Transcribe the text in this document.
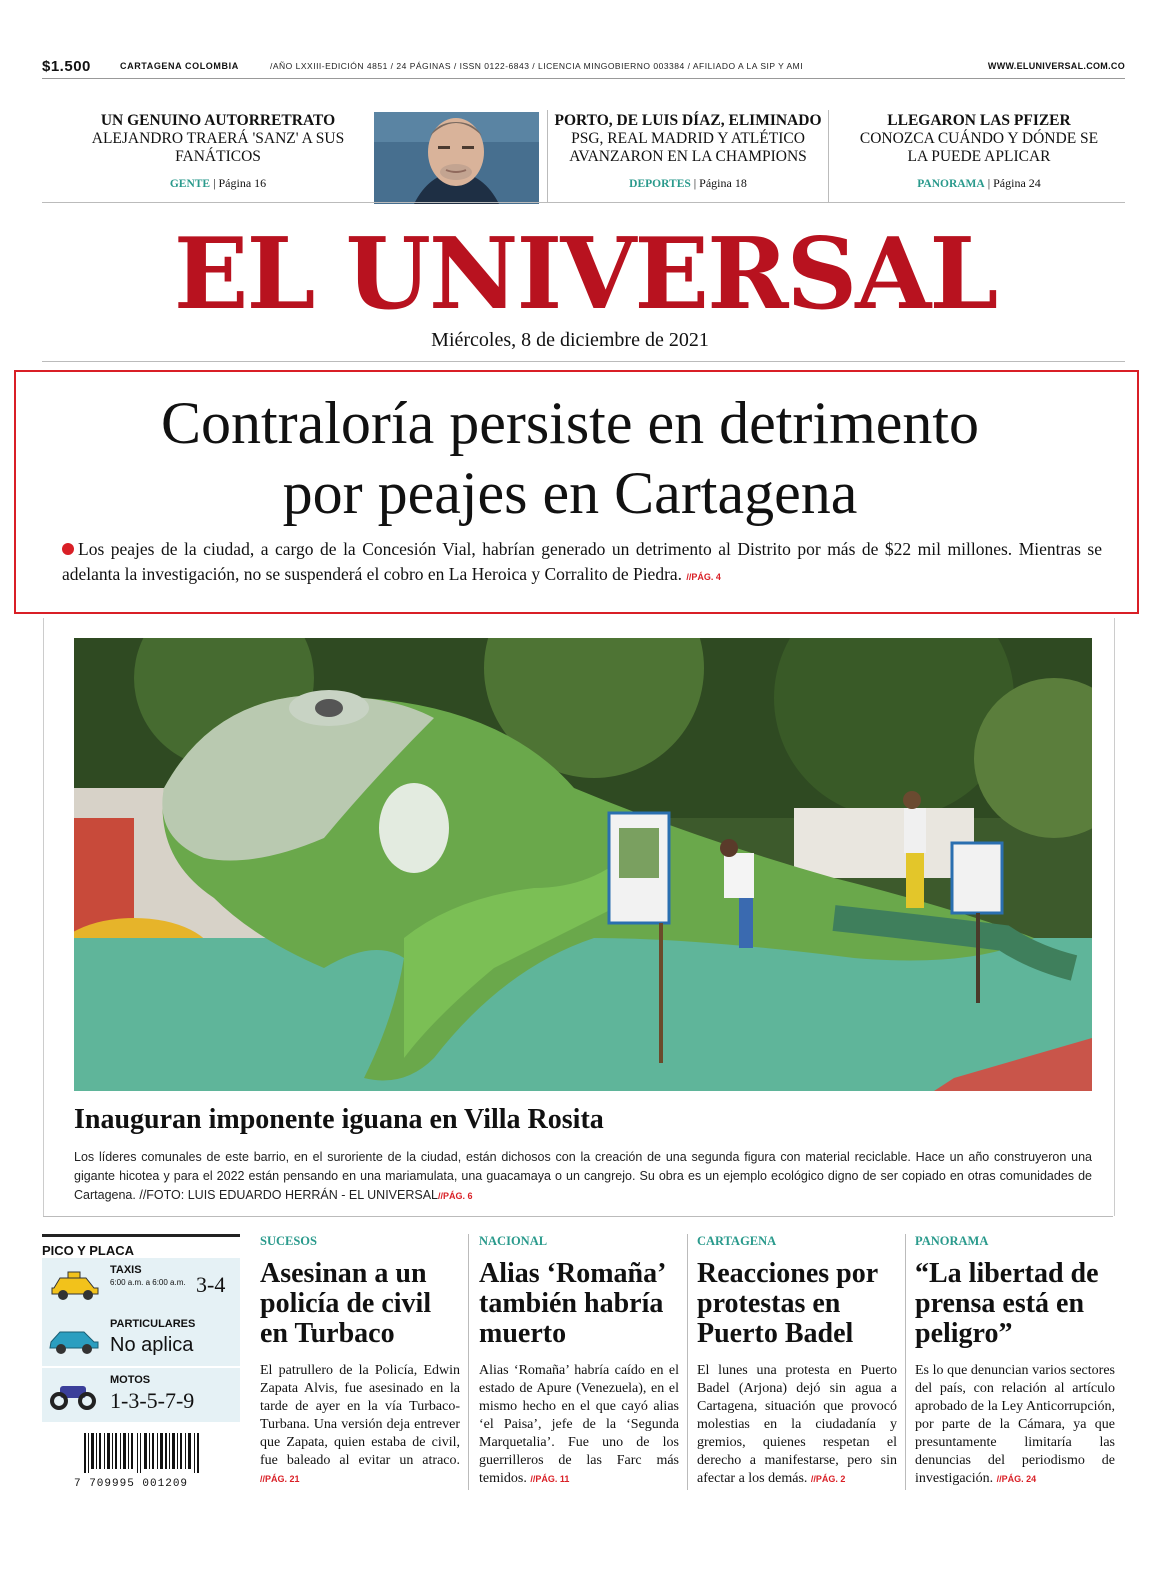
$1.500	CARTAGENA COLOMBIA	/AÑO LXXIII-EDICIÓN 4851 / 24 PÁGINAS / ISSN 0122-6843 / LICENCIA MINGOBIERNO 003384 / AFILIADO A LA SIP Y AMI	WWW.ELUNIVERSAL.COM.CO
UN GENUINO AUTORRETRATO
ALEJANDRO TRAERÁ 'SANZ' A SUS
FANÁTICOS
GENTE | Página 16
PORTO, DE LUIS DÍAZ, ELIMINADO
PSG, REAL MADRID Y ATLÉTICO
AVANZARON EN LA CHAMPIONS
DEPORTES | Página 18
LLEGARON LAS PFIZER
CONOZCA CUÁNDO Y DÓNDE SE
LA PUEDE APLICAR
PANORAMA | Página 24
EL UNIVERSAL
Miércoles, 8 de diciembre de 2021
Contraloría persiste en detrimento
por peajes en Cartagena
Los peajes de la ciudad, a cargo de la Concesión Vial, habrían generado un detrimento al Distrito por más de $22 mil millones. Mientras se adelanta la investigación, no se suspenderá el cobro en La Heroica y Corralito de Piedra. //PÁG. 4
Inauguran imponente iguana en Villa Rosita
Los líderes comunales de este barrio, en el suroriente de la ciudad, están dichosos con la creación de una segunda figura con material reciclable. Hace un año construyeron una gigante hicotea y para el 2022 están pensando en una mariamulata, una guacamaya o un cangrejo. Su obra es un ejemplo ecológico digno de ser copiado en otras comunidades de Cartagena. //FOTO: LUIS EDUARDO HERRÁN - EL UNIVERSAL//PÁG. 6
PICO Y PLACA
TAXIS
6:00 a.m. a 6:00 a.m. 3-4
PARTICULARES
No aplica
MOTOS
1-3-5-7-9
7 709995 001209
SUCESOS
Asesinan a un policía de civil en Turbaco
El patrullero de la Policía, Edwin Zapata Alvis, fue asesinado en la tarde de ayer en la vía Turbaco-Turbana. Una versión deja entrever que Zapata, quien estaba de civil, fue baleado al evitar un atraco. //PÁG. 21
NACIONAL
Alias ‘Romaña’ también habría muerto
Alias ‘Romaña’ habría caído en el estado de Apure (Venezuela), en el mismo hecho en el que cayó alias ‘el Paisa’, jefe de la ‘Segunda Marquetalia’. Fue uno de los guerrilleros de las Farc más temidos. //PÁG. 11
CARTAGENA
Reacciones por protestas en Puerto Badel
El lunes una protesta en Puerto Badel (Arjona) dejó sin agua a Cartagena, situación que provocó molestias en la ciudadanía y gremios, quienes respetan el derecho a manifestarse, pero sin afectar a los demás. //PÁG. 2
PANORAMA
“La libertad de prensa está en peligro”
Es lo que denuncian varios sectores del país, con relación al artículo aprobado de la Ley Anticorrupción, por parte de la Cámara, ya que presuntamente limitaría las denuncias del periodismo de investigación. //PÁG. 24
